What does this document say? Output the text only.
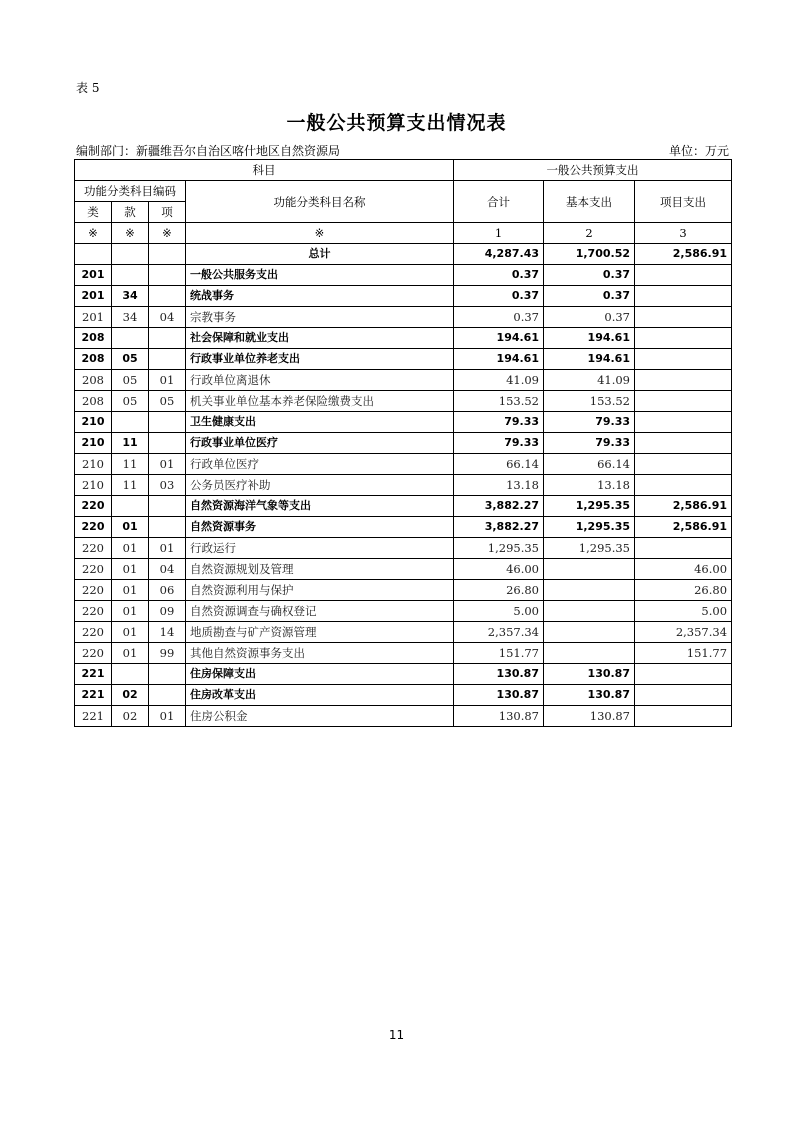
表 5
一般公共预算支出情况表
编制部门：新疆维吾尔自治区喀什地区自然资源局	单位：万元
科目				一般公共预算支出		
功能分类科目编码			功能分类科目名称	合计	基本支出	项目支出
类	款	项				
※	※	※	※	1	2	3
			总计	4,287.43	1,700.52	2,586.91
201			一般公共服务支出	0.37	0.37	
201	34		统战事务	0.37	0.37	
201	34	04	宗教事务	0.37	0.37	
208			社会保障和就业支出	194.61	194.61	
208	05		行政事业单位养老支出	194.61	194.61	
208	05	01	行政单位离退休	41.09	41.09	
208	05	05	机关事业单位基本养老保险缴费支出	153.52	153.52	
210			卫生健康支出	79.33	79.33	
210	11		行政事业单位医疗	79.33	79.33	
210	11	01	行政单位医疗	66.14	66.14	
210	11	03	公务员医疗补助	13.18	13.18	
220			自然资源海洋气象等支出	3,882.27	1,295.35	2,586.91
220	01		自然资源事务	3,882.27	1,295.35	2,586.91
220	01	01	行政运行	1,295.35	1,295.35	
220	01	04	自然资源规划及管理	46.00		46.00
220	01	06	自然资源利用与保护	26.80		26.80
220	01	09	自然资源调查与确权登记	5.00		5.00
220	01	14	地质勘查与矿产资源管理	2,357.34		2,357.34
220	01	99	其他自然资源事务支出	151.77		151.77
221			住房保障支出	130.87	130.87	
221	02		住房改革支出	130.87	130.87	
221	02	01	住房公积金	130.87	130.87	
11
